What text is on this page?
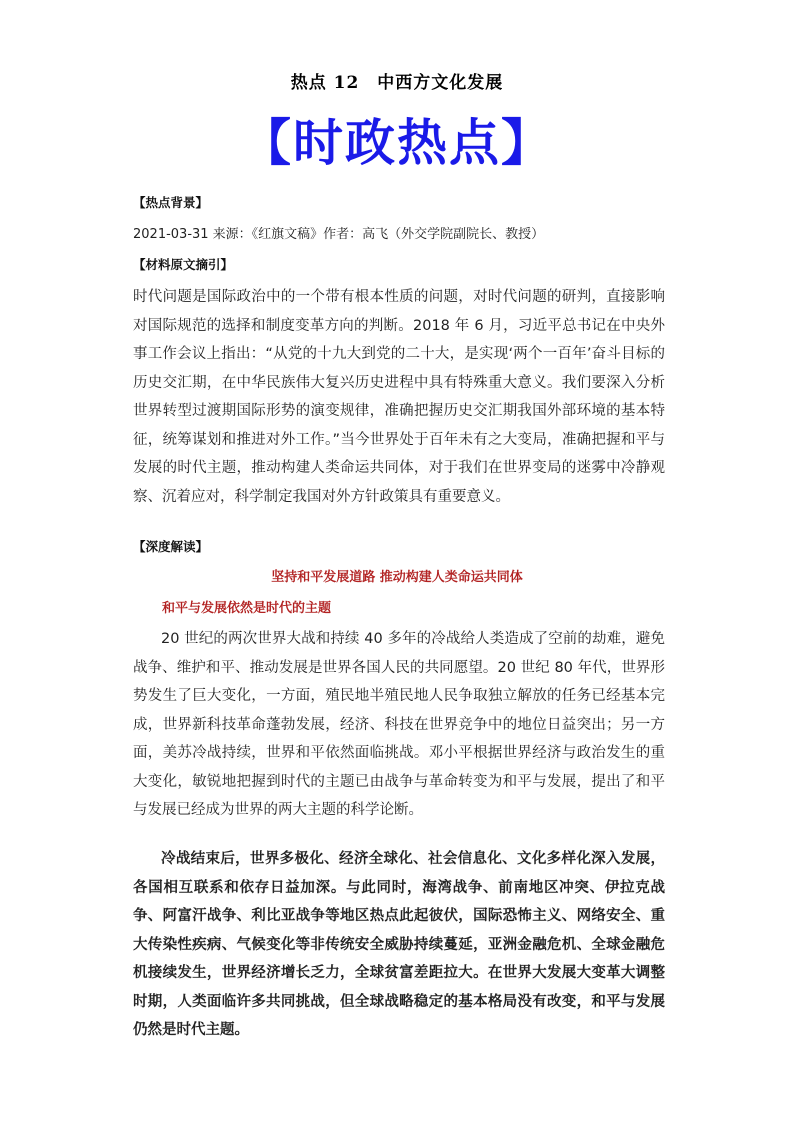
热点 12　中西方文化发展
【时政热点】
【热点背景】
2021-03-31 来源：《红旗文稿》作者：高飞（外交学院副院长、教授）
【材料原文摘引】
时代问题是国际政治中的一个带有根本性质的问题，对时代问题的研判，直接影响对国际规范的选择和制度变革方向的判断。2018 年 6 月，习近平总书记在中央外事工作会议上指出：“从党的十九大到党的二十大，是实现‘两个一百年’奋斗目标的历史交汇期，在中华民族伟大复兴历史进程中具有特殊重大意义。我们要深入分析世界转型过渡期国际形势的演变规律，准确把握历史交汇期我国外部环境的基本特征，统筹谋划和推进对外工作。”当今世界处于百年未有之大变局，准确把握和平与发展的时代主题，推动构建人类命运共同体，对于我们在世界变局的迷雾中冷静观察、沉着应对，科学制定我国对外方针政策具有重要意义。
【深度解读】
坚持和平发展道路 推动构建人类命运共同体
和平与发展依然是时代的主题
20 世纪的两次世界大战和持续 40 多年的冷战给人类造成了空前的劫难，避免战争、维护和平、推动发展是世界各国人民的共同愿望。20 世纪 80 年代，世界形势发生了巨大变化，一方面，殖民地半殖民地人民争取独立解放的任务已经基本完成，世界新科技革命蓬勃发展，经济、科技在世界竞争中的地位日益突出；另一方面，美苏冷战持续，世界和平依然面临挑战。邓小平根据世界经济与政治发生的重大变化，敏锐地把握到时代的主题已由战争与革命转变为和平与发展，提出了和平与发展已经成为世界的两大主题的科学论断。
冷战结束后，世界多极化、经济全球化、社会信息化、文化多样化深入发展，各国相互联系和依存日益加深。与此同时，海湾战争、前南地区冲突、伊拉克战争、阿富汗战争、利比亚战争等地区热点此起彼伏，国际恐怖主义、网络安全、重大传染性疾病、气候变化等非传统安全威胁持续蔓延，亚洲金融危机、全球金融危机接续发生，世界经济增长乏力，全球贫富差距拉大。在世界大发展大变革大调整时期，人类面临许多共同挑战，但全球战略稳定的基本格局没有改变，和平与发展仍然是时代主题。
